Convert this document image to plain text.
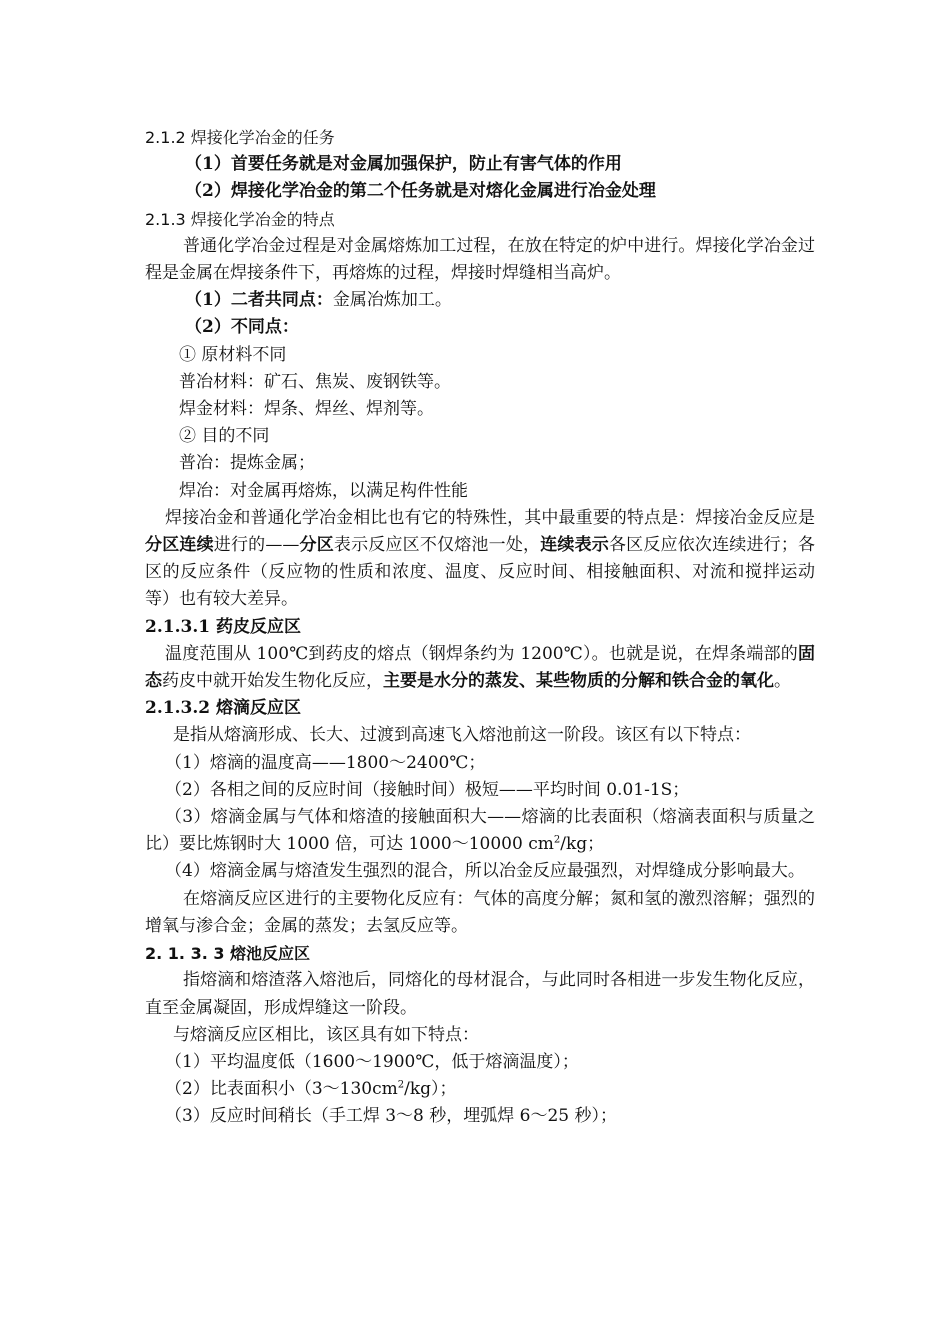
2.1.2 焊接化学冶金的任务

（1）首要任务就是对金属加强保护，防止有害气体的作用

（2）焊接化学冶金的第二个任务就是对熔化金属进行冶金处理

2.1.3 焊接化学冶金的特点

普通化学冶金过程是对金属熔炼加工过程，在放在特定的炉中进行。焊接化学冶金过程是金属在焊接条件下，再熔炼的过程，焊接时焊缝相当高炉。

（1）二者共同点：金属冶炼加工。

（2）不同点：

① 原材料不同

普冶材料：矿石、焦炭、废钢铁等。

焊金材料：焊条、焊丝、焊剂等。

② 目的不同

普冶：提炼金属；

焊冶：对金属再熔炼，以满足构件性能

焊接冶金和普通化学冶金相比也有它的特殊性，其中最重要的特点是：焊接冶金反应是分区连续进行的——分区表示反应区不仅熔池一处，连续表示各区反应依次连续进行；各区的反应条件（反应物的性质和浓度、温度、反应时间、相接触面积、对流和搅拌运动等）也有较大差异。

2.1.3.1 药皮反应区

温度范围从 100℃到药皮的熔点（钢焊条约为 1200℃）。也就是说，在焊条端部的固态药皮中就开始发生物化反应，主要是水分的蒸发、某些物质的分解和铁合金的氧化。

2.1.3.2 熔滴反应区

是指从熔滴形成、长大、过渡到高速飞入熔池前这一阶段。该区有以下特点：

（1）熔滴的温度高——1800～2400℃；

（2）各相之间的反应时间（接触时间）极短——平均时间 0.01-1S；

（3）熔滴金属与气体和熔渣的接触面积大——熔滴的比表面积（熔滴表面积与质量之比）要比炼钢时大 1000 倍，可达 1000～10000 $cm^2/kg$；

（4）熔滴金属与熔渣发生强烈的混合，所以冶金反应最强烈，对焊缝成分影响最大。

在熔滴反应区进行的主要物化反应有：气体的高度分解；氮和氢的激烈溶解；强烈的增氧与渗合金；金属的蒸发；去氢反应等。

2. 1. 3. 3 熔池反应区

指熔滴和熔渣落入熔池后，同熔化的母材混合，与此同时各相进一步发生物化反应，直至金属凝固，形成焊缝这一阶段。

与熔滴反应区相比，该区具有如下特点：

（1）平均温度低（1600～1900℃，低于熔滴温度）；

（2）比表面积小$(3\sim 130cm^2/kg)$；

（3）反应时间稍长（手工焊 3～8 秒，埋弧焊 6～25 秒）；
